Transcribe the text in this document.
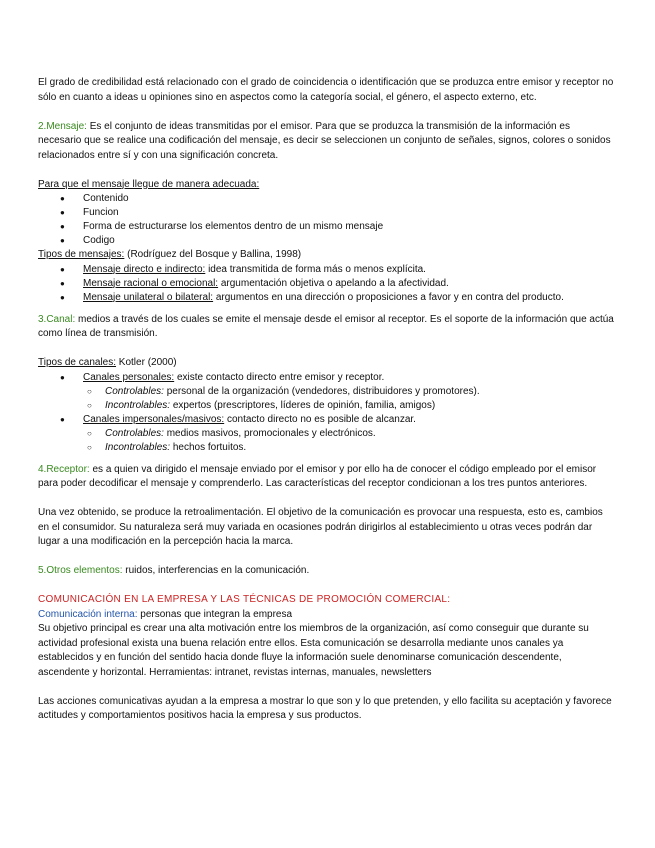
El grado de credibilidad está relacionado con el grado de coincidencia o identificación que se produzca entre emisor y receptor no sólo en cuanto a ideas u opiniones sino en aspectos como la categoría social, el género, el aspecto externo, etc.

2.Mensaje: Es el conjunto de ideas transmitidas por el emisor. Para que se produzca la transmisión de la información es necesario que se realice una codificación del mensaje, es decir se seleccionen un conjunto de señales, signos, colores o sonidos relacionados entre sí y con una significación concreta.

Para que el mensaje llegue de manera adecuada:

● Contenido
● Funcion
● Forma de estructurarse los elementos dentro de un mismo mensaje
● Codigo

Tipos de mensajes: (Rodríguez del Bosque y Ballina, 1998)

● Mensaje directo e indirecto: idea transmitida de forma más o menos explícita.
● Mensaje racional o emocional: argumentación objetiva o apelando a la afectividad.
● Mensaje unilateral o bilateral: argumentos en una dirección o proposiciones a favor y en contra del producto.

3.Canal: medios a través de los cuales se emite el mensaje desde el emisor al receptor. Es el soporte de la información que actúa como línea de transmisión.

Tipos de canales: Kotler (2000)

● Canales personales: existe contacto directo entre emisor y receptor.
○ Controlables: personal de la organización (vendedores, distribuidores y promotores).
○ Incontrolables: expertos (prescriptores, líderes de opinión, familia, amigos)
● Canales impersonales/masivos: contacto directo no es posible de alcanzar.
○ Controlables: medios masivos, promocionales y electrónicos.
○ Incontrolables: hechos fortuitos.

4.Receptor: es a quien va dirigido el mensaje enviado por el emisor y por ello ha de conocer el código empleado por el emisor para poder decodificar el mensaje y comprenderlo. Las características del receptor condicionan a los tres puntos anteriores.

Una vez obtenido, se produce la retroalimentación. El objetivo de la comunicación es provocar una respuesta, esto es, cambios en el consumidor. Su naturaleza será muy variada en ocasiones podrán dirigirlos al establecimiento u otras veces podrán dar lugar a una modificación en la percepción hacia la marca.

5.Otros elementos: ruidos, interferencias en la comunicación.

COMUNICACIÓN EN LA EMPRESA Y LAS TÉCNICAS DE PROMOCIÓN COMERCIAL:

Comunicación interna: personas que integran la empresa

Su objetivo principal es crear una alta motivación entre los miembros de la organización, así como conseguir que durante su actividad profesional exista una buena relación entre ellos. Esta comunicación se desarrolla mediante unos canales ya establecidos y en función del sentido hacia donde fluye la información suele denominarse comunicación descendente, ascendente y horizontal. Herramientas: intranet, revistas internas, manuales, newsletters

Las acciones comunicativas ayudan a la empresa a mostrar lo que son y lo que pretenden, y ello facilita su aceptación y favorece actitudes y comportamientos positivos hacia la empresa y sus productos.
